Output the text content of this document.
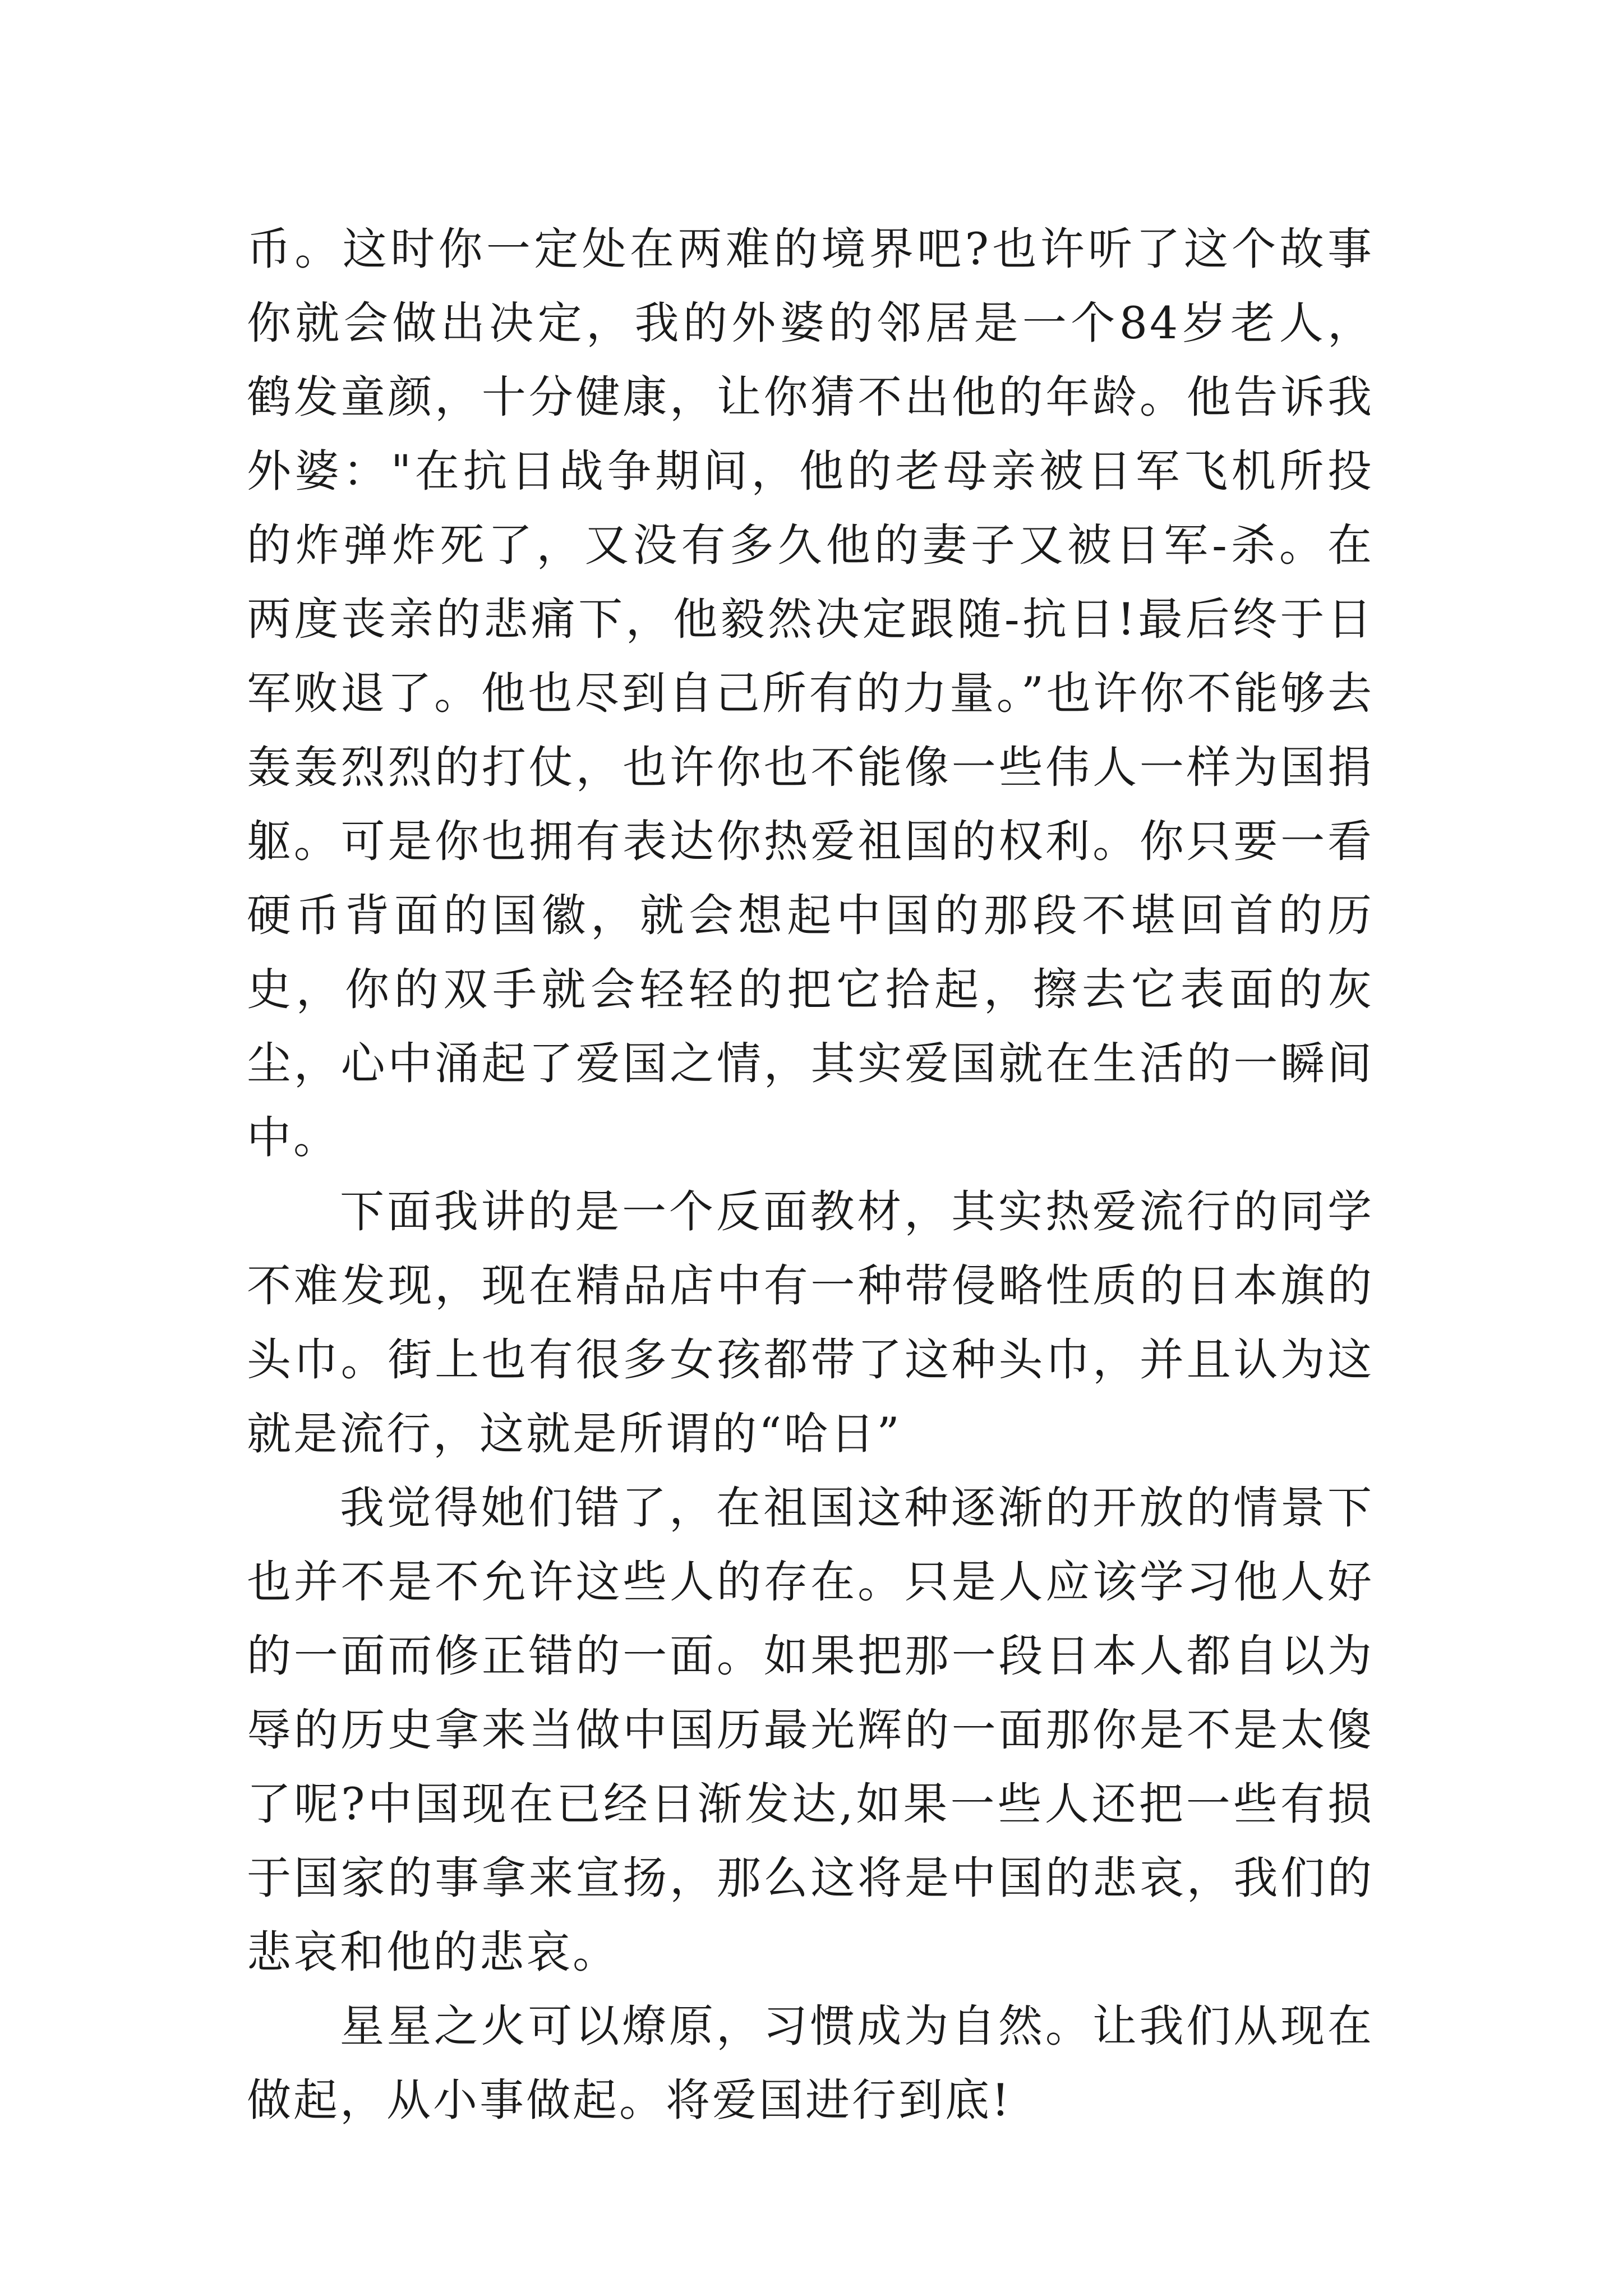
币。这时你一定处在两难的境界吧?也许听了这个故事你就会做出决定，我的外婆的邻居是一个84岁老人，鹤发童颜，十分健康，让你猜不出他的年龄。他告诉我外婆："在抗日战争期间，他的老母亲被日军飞机所投的炸弹炸死了，又没有多久他的妻子又被日军-杀。在两度丧亲的悲痛下，他毅然决定跟随-抗日!最后终于日军败退了。他也尽到自己所有的力量。”也许你不能够去轰轰烈烈的打仗，也许你也不能像一些伟人一样为国捐躯。可是你也拥有表达你热爱祖国的权利。你只要一看硬币背面的国徽，就会想起中国的那段不堪回首的历史，你的双手就会轻轻的把它拾起，擦去它表面的灰尘，心中涌起了爱国之情，其实爱国就在生活的一瞬间中。

下面我讲的是一个反面教材，其实热爱流行的同学不难发现，现在精品店中有一种带侵略性质的日本旗的头巾。街上也有很多女孩都带了这种头巾，并且认为这就是流行，这就是所谓的“哈日”

我觉得她们错了，在祖国这种逐渐的开放的情景下也并不是不允许这些人的存在。只是人应该学习他人好的一面而修正错的一面。如果把那一段日本人都自以为辱的历史拿来当做中国历最光辉的一面那你是不是太傻了呢?中国现在已经日渐发达,如果一些人还把一些有损于国家的事拿来宣扬，那么这将是中国的悲哀，我们的悲哀和他的悲哀。

星星之火可以燎原，习惯成为自然。让我们从现在做起，从小事做起。将爱国进行到底!
